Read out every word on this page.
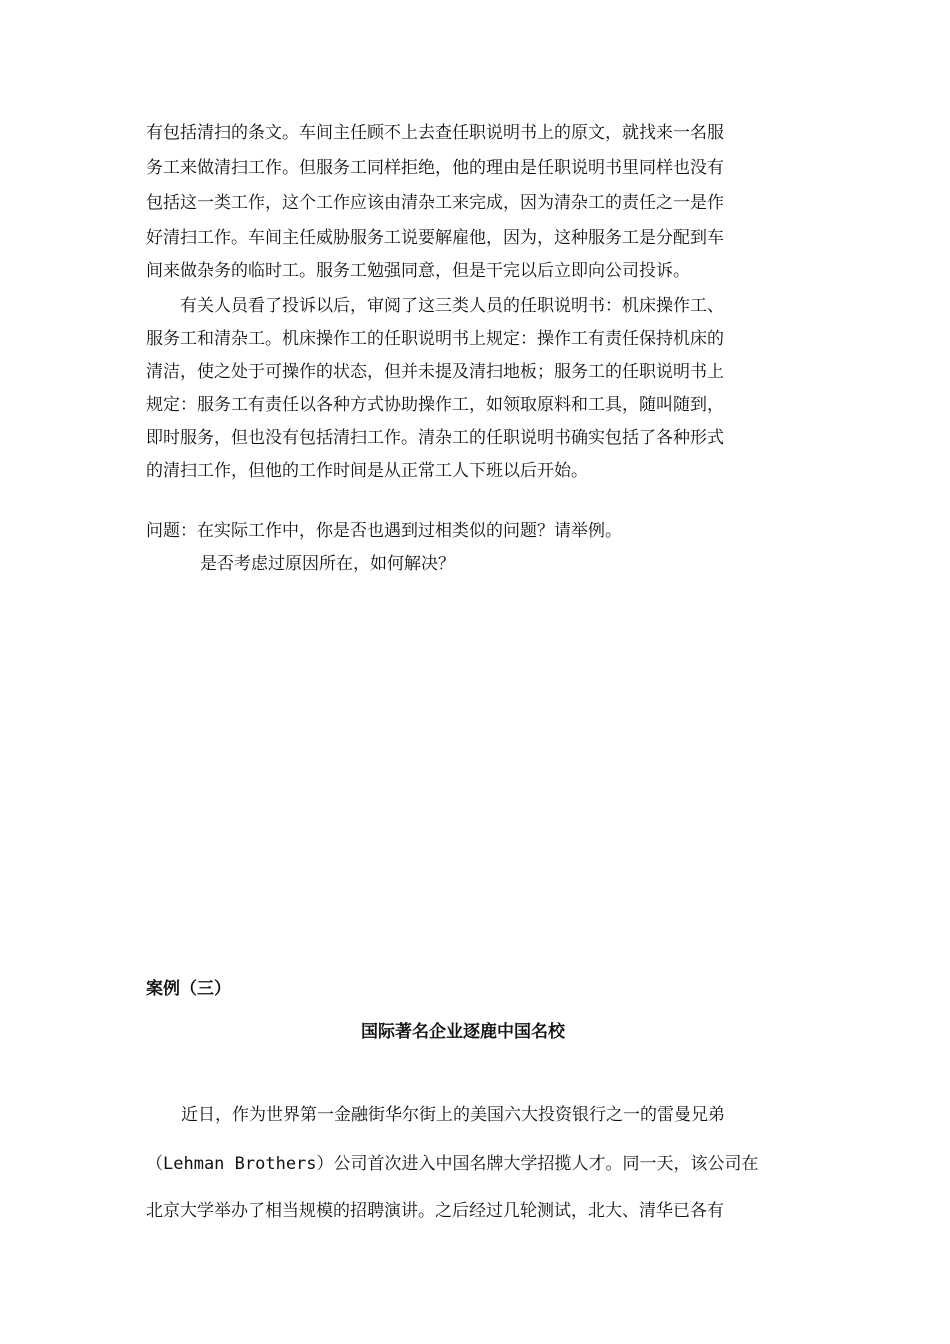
有包括清扫的条文。车间主任顾不上去查任职说明书上的原文，就找来一名服
务工来做清扫工作。但服务工同样拒绝，他的理由是任职说明书里同样也没有
包括这一类工作，这个工作应该由清杂工来完成，因为清杂工的责任之一是作
好清扫工作。车间主任威胁服务工说要解雇他，因为，这种服务工是分配到车
间来做杂务的临时工。服务工勉强同意，但是干完以后立即向公司投诉。
有关人员看了投诉以后，审阅了这三类人员的任职说明书：机床操作工、
服务工和清杂工。机床操作工的任职说明书上规定：操作工有责任保持机床的
清洁，使之处于可操作的状态，但并未提及清扫地板；服务工的任职说明书上
规定：服务工有责任以各种方式协助操作工，如领取原料和工具，随叫随到，
即时服务，但也没有包括清扫工作。清杂工的任职说明书确实包括了各种形式
的清扫工作，但他的工作时间是从正常工人下班以后开始。
问题：在实际工作中，你是否也遇到过相类似的问题？请举例。
是否考虑过原因所在，如何解决？
案例（三）
国际著名企业逐鹿中国名校
近日，作为世界第一金融街华尔街上的美国六大投资银行之一的雷曼兄弟
（Lehman Brothers）公司首次进入中国名牌大学招揽人才。同一天，该公司在
北京大学举办了相当规模的招聘演讲。之后经过几轮测试，北大、清华已各有
